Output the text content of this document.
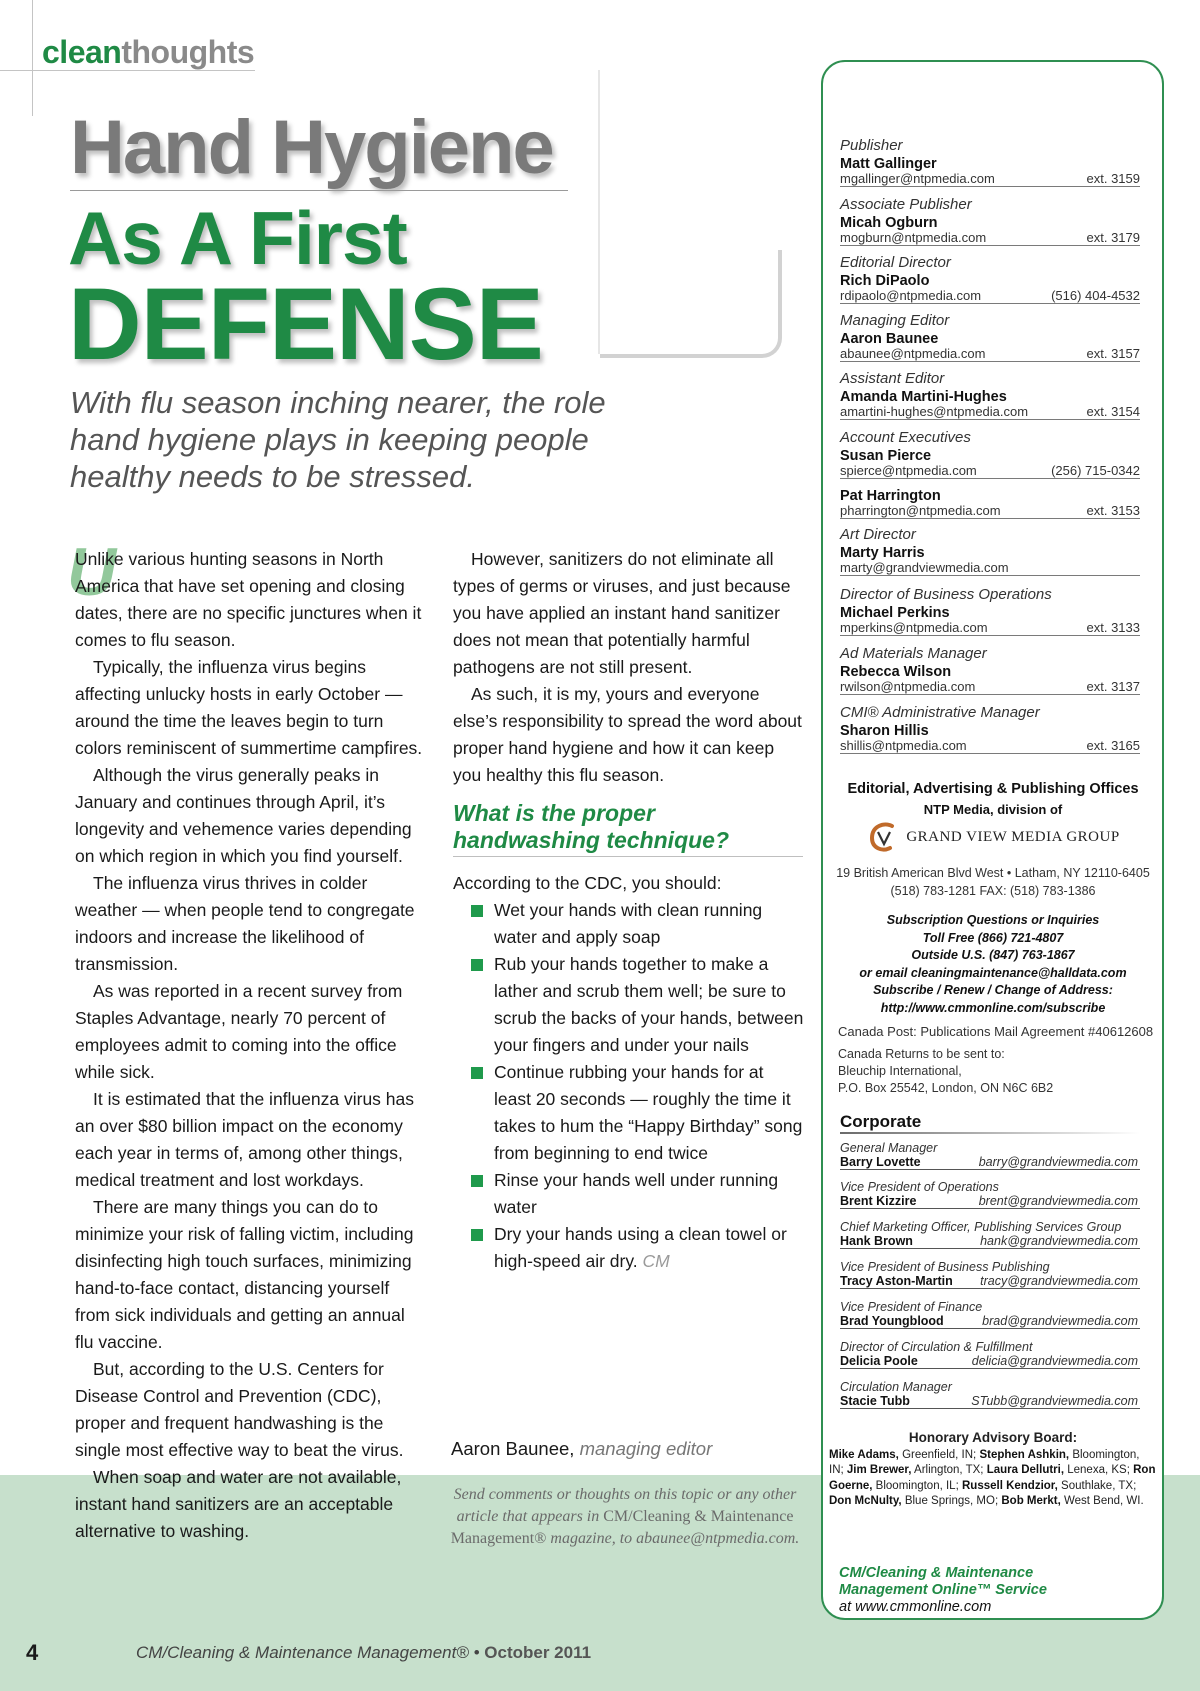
cleanthoughts
Hand Hygiene
As A First
DEFENSE
With flu season inching nearer, the role hand hygiene plays in keeping people healthy needs to be stressed.
U

Unlike various hunting seasons in North America that have set opening and closing dates, there are no specific junctures when it comes to flu season.

Typically, the influenza virus begins affecting unlucky hosts in early October — around the time the leaves begin to turn colors reminiscent of summertime campfires.

Although the virus generally peaks in January and continues through April, it’s longevity and vehemence varies depending on which region in which you find yourself.

The influenza virus thrives in colder weather — when people tend to congregate indoors and increase the likelihood of transmission.

As was reported in a recent survey from Staples Advantage, nearly 70 percent of employees admit to coming into the office while sick.

It is estimated that the influenza virus has an over $80 billion impact on the economy each year in terms of, among other things, medical treatment and lost workdays.

There are many things you can do to minimize your risk of falling victim, including disinfecting high touch surfaces, minimizing hand-to-face contact, distancing yourself from sick individuals and getting an annual flu vaccine.

But, according to the U.S. Centers for Disease Control and Prevention (CDC), proper and frequent handwashing is the single most effective way to beat the virus.

When soap and water are not available, instant hand sanitizers are an acceptable alternative to washing.

However, sanitizers do not eliminate all types of germs or viruses, and just because you have applied an instant hand sanitizer does not mean that potentially harmful pathogens are not still present.

As such, it is my, yours and everyone else’s responsibility to spread the word about proper hand hygiene and how it can keep you healthy this flu season.

What is the proper handwashing technique?

According to the CDC, you should:

Wet your hands with clean running water and apply soap
Rub your hands together to make a lather and scrub them well; be sure to scrub the backs of your hands, between your fingers and under your nails
Continue rubbing your hands for at least 20 seconds — roughly the time it takes to hum the “Happy Birthday” song from beginning to end twice
Rinse your hands well under running water
Dry your hands using a clean towel or high-speed air dry. CM
Aaron Baunee, managing editor
Send comments or thoughts on this topic or any other article that appears in CM/Cleaning & Maintenance Management® magazine, to abaunee@ntpmedia.com.
4	CM/Cleaning & Maintenance Management® • October 2011
Publisher
Matt Gallinger
mgallinger@ntpmedia.com	ext. 3159
Associate Publisher
Micah Ogburn
mogburn@ntpmedia.com	ext. 3179
Editorial Director
Rich DiPaolo
rdipaolo@ntpmedia.com	(516) 404-4532
Managing Editor
Aaron Baunee
abaunee@ntpmedia.com	ext. 3157
Assistant Editor
Amanda Martini-Hughes
amartini-hughes@ntpmedia.com	ext. 3154
Account Executives
Susan Pierce
spierce@ntpmedia.com	(256) 715-0342
Pat Harrington
pharrington@ntpmedia.com	ext. 3153
Art Director
Marty Harris
marty@grandviewmedia.com
Director of Business Operations
Michael Perkins
mperkins@ntpmedia.com	ext. 3133
Ad Materials Manager
Rebecca Wilson
rwilson@ntpmedia.com	ext. 3137
CMI® Administrative Manager
Sharon Hillis
shillis@ntpmedia.com	ext. 3165
Editorial, Advertising & Publishing Offices
NTP Media, division of
GRAND VIEW MEDIA GROUP
19 British American Blvd West • Latham, NY 12110-6405
(518) 783-1281 FAX: (518) 783-1386
Subscription Questions or Inquiries
Toll Free (866) 721-4807
Outside U.S. (847) 763-1867
or email cleaningmaintenance@halldata.com
Subscribe / Renew / Change of Address:
http://www.cmmonline.com/subscribe
Canada Post: Publications Mail Agreement #40612608
Canada Returns to be sent to:
Bleuchip International,
P.O. Box 25542, London, ON N6C 6B2
Corporate
General Manager
Barry Lovette	barry@grandviewmedia.com
Vice President of Operations
Brent Kizzire	brent@grandviewmedia.com
Chief Marketing Officer, Publishing Services Group
Hank Brown	hank@grandviewmedia.com
Vice President of Business Publishing
Tracy Aston-Martin tracy@grandviewmedia.com
Vice President of Finance
Brad Youngblood	brad@grandviewmedia.com
Director of Circulation & Fulfillment
Delicia Poole	delicia@grandviewmedia.com
Circulation Manager
Stacie Tubb	STubb@grandviewmedia.com
Honorary Advisory Board:
Mike Adams, Greenfield, IN; Stephen Ashkin, Bloomington, IN; Jim Brewer, Arlington, TX; Laura Dellutri, Lenexa, KS; Ron Goerne, Bloomington, IL; Russell Kendzior, Southlake, TX; Don McNulty, Blue Springs, MO; Bob Merkt, West Bend, WI.
CM/Cleaning & Maintenance
Management Online™ Service
at www.cmmonline.com
